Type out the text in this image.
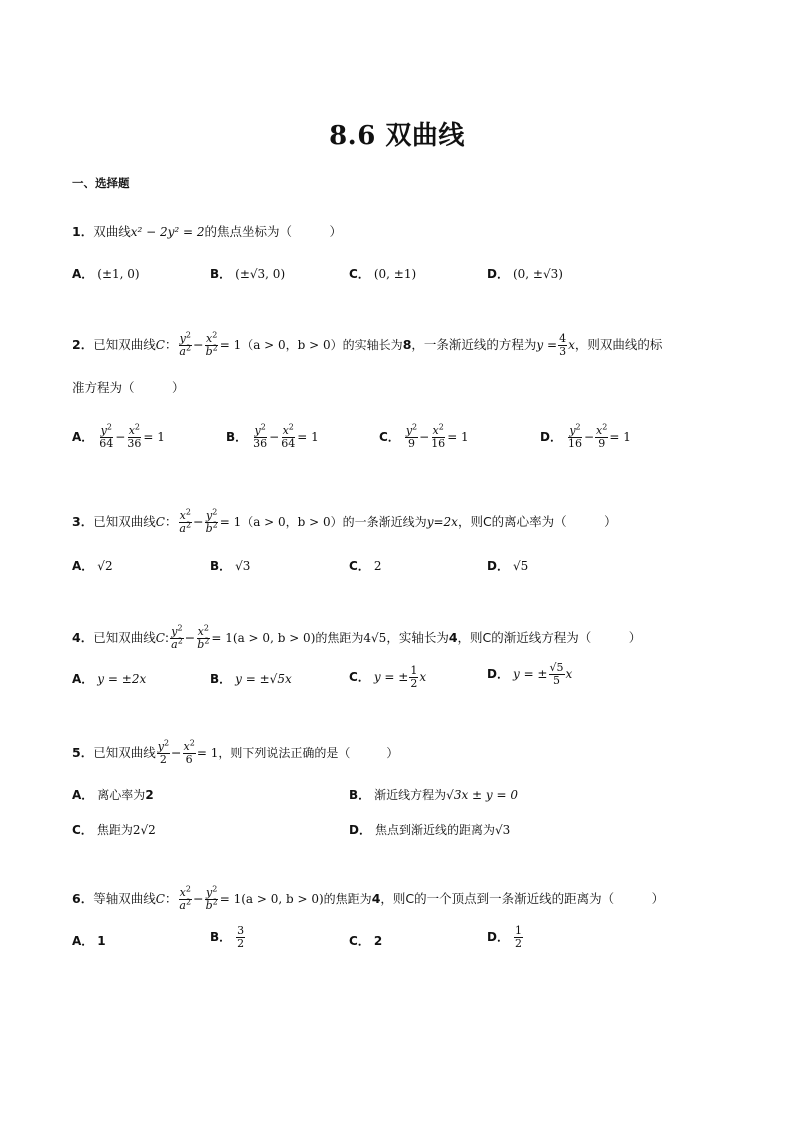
8.6 双曲线
一、选择题
1．双曲线x² − 2y² = 2的焦点坐标为（　　　）
A． (±1, 0)	B． (±√3, 0)	C． (0, ±1)	D． (0, ±√3)
2．已知双曲线C： $\frac{y^2}{a^2} - \frac{x^2}{b^2} = 1(a > 0$，b > 0）的实轴长为8，一条渐近线的方程为$y = \frac{4}{3}$ x，则双曲线的标
准方程为（　　　）
A． $\frac{y^2}{64} - \frac{x^2}{36} = 1$	B． $\frac{y^2}{36} - \frac{x^2}{64} = 1$	C． $\frac{y^2}{9} - \frac{x^2}{16} = 1$	D． $\frac{y^2}{16} - \frac{x^2}{9} = 1$
3．已知双曲线C： $\frac{x^2}{a^2} - \frac{y^2}{b^2} = 1(a > 0$，b > 0）的一条渐近线为y=2x，则C的离心率为（　　　）
A． √2	B． √3	C． 2	D． √5
4．已知双曲线C: $\frac{y^2}{a^2} - \frac{x^2}{b^2} = 1(a > 0$, b > 0)的焦距为4√5，实轴长为4，则C的渐近线方程为（　　　）
A． y = ±2x	B． y = ±√5x	C． y = ± $\frac{1}{2}$ x	D． y = ± $\frac{√5}{5}$ x
5．已知双曲线 $\frac{y^2}{2} - \frac{x^2}{6} = 1$，则下列说法正确的是（　　　）
A． 离心率为2	B． 渐近线方程为√3x ± y = 0
C． 焦距为2√2	D． 焦点到渐近线的距离为√3
6．等轴双曲线C： $\frac{x^2}{a^2} - \frac{y^2}{b^2} = 1(a > 0$, b > 0)的焦距为4，则C的一个顶点到一条渐近线的距离为（　　　）
A． 1	B． $\frac{3}{2}$	C． 2	D． $\frac{1}{2}$
